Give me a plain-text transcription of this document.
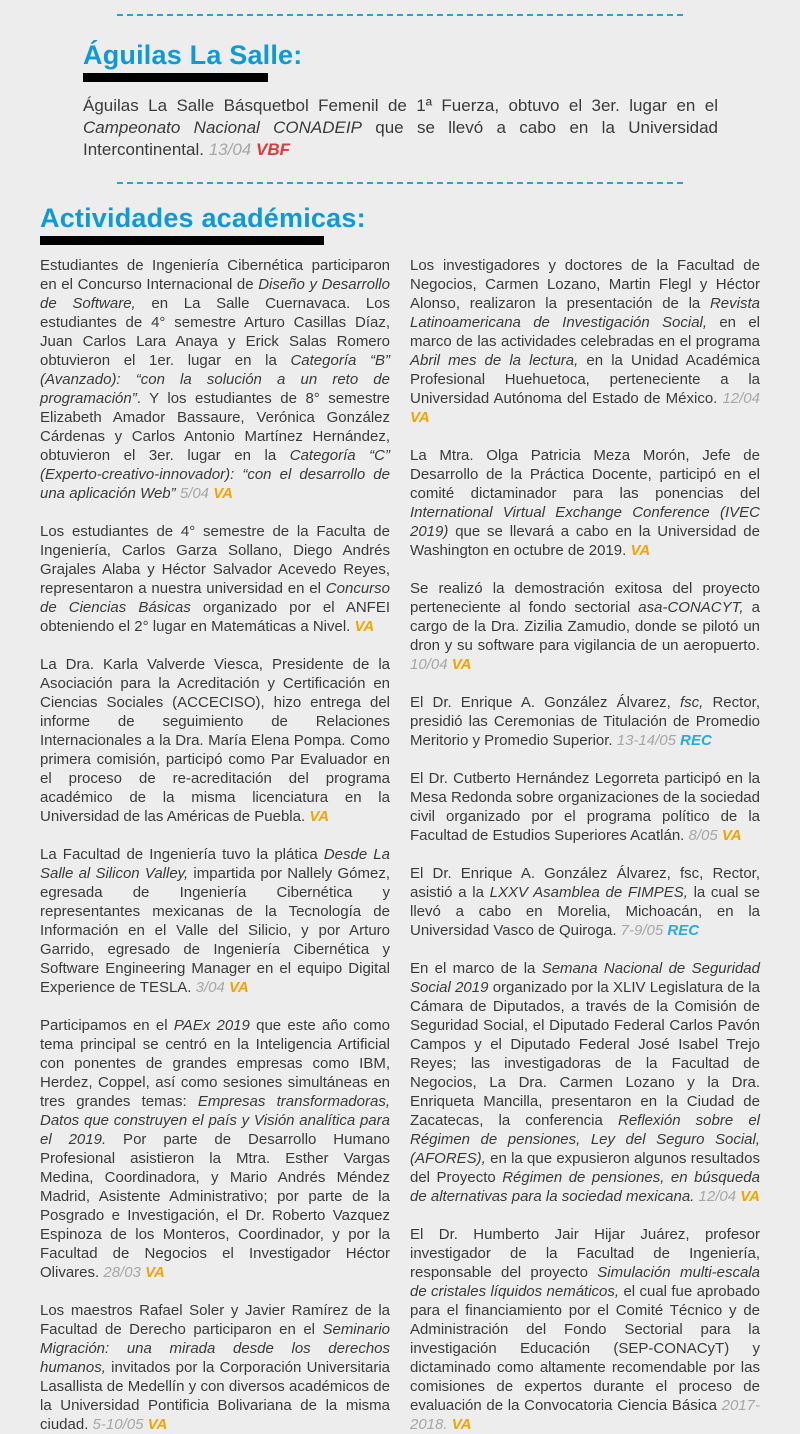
Águilas La Salle:

Águilas La Salle Básquetbol Femenil de 1ª Fuerza, obtuvo el 3er. lugar en el Campeonato Nacional CONADEIP que se llevó a cabo en la Universidad Intercontinental. 13/04 VBF

Actividades académicas:

Estudiantes de Ingeniería Cibernética participaron en el Concurso Internacional de Diseño y Desarrollo de Software, en La Salle Cuernavaca. Los estudiantes de 4° semestre Arturo Casillas Díaz, Juan Carlos Lara Anaya y Erick Salas Romero obtuvieron el 1er. lugar en la Categoría “B” (Avanzado): “con la solución a un reto de programación”. Y los estudiantes de 8° semestre Elizabeth Amador Bassaure, Verónica González Cárdenas y Carlos Antonio Martínez Hernández, obtuvieron el 3er. lugar en la Categoría “C” (Experto-creativo-innovador): “con el desarrollo de una aplicación Web” 5/04 VA

Los estudiantes de 4° semestre de la Faculta de Ingeniería, Carlos Garza Sollano, Diego Andrés Grajales Alaba y Héctor Salvador Acevedo Reyes, representaron a nuestra universidad en el Concurso de Ciencias Básicas organizado por el ANFEI obteniendo el 2° lugar en Matemáticas a Nivel. VA

La Dra. Karla Valverde Viesca, Presidente de la Asociación para la Acreditación y Certificación en Ciencias Sociales (ACCECISO), hizo entrega del informe de seguimiento de Relaciones Internacionales a la Dra. María Elena Pompa. Como primera comisión, participó como Par Evaluador en el proceso de re-acreditación del programa académico de la misma licenciatura en la Universidad de las Américas de Puebla. VA

La Facultad de Ingeniería tuvo la plática Desde La Salle al Silicon Valley, impartida por Nallely Gómez, egresada de Ingeniería Cibernética y representantes mexicanas de la Tecnología de Información en el Valle del Silicio, y por Arturo Garrido, egresado de Ingeniería Cibernética y Software Engineering Manager en el equipo Digital Experience de TESLA. 3/04 VA

Participamos en el PAEx 2019 que este año como tema principal se centró en la Inteligencia Artificial con ponentes de grandes empresas como IBM, Herdez, Coppel, así como sesiones simultáneas en tres grandes temas: Empresas transformadoras, Datos que construyen el país y Visión analítica para el 2019. Por parte de Desarrollo Humano Profesional asistieron la Mtra. Esther Vargas Medina, Coordinadora, y Mario Andrés Méndez Madrid, Asistente Administrativo; por parte de la Posgrado e Investigación, el Dr. Roberto Vazquez Espinoza de los Monteros, Coordinador, y por la Facultad de Negocios el Investigador Héctor Olivares. 28/03 VA

Los maestros Rafael Soler y Javier Ramírez de la Facultad de Derecho participaron en el Seminario Migración: una mirada desde los derechos humanos, invitados por la Corporación Universitaria Lasallista de Medellín y con diversos académicos de la Universidad Pontificia Bolivariana de la misma ciudad. 5-10/05 VA

Los investigadores y doctores de la Facultad de Negocios, Carmen Lozano, Martin Flegl y Héctor Alonso, realizaron la presentación de la Revista Latinoamericana de Investigación Social, en el marco de las actividades celebradas en el programa Abril mes de la lectura, en la Unidad Académica Profesional Huehuetoca, perteneciente a la Universidad Autónoma del Estado de México. 12/04 VA

La Mtra. Olga Patricia Meza Morón, Jefe de Desarrollo de la Práctica Docente, participó en el comité dictaminador para las ponencias del International Virtual Exchange Conference (IVEC 2019) que se llevará a cabo en la Universidad de Washington en octubre de 2019. VA

Se realizó la demostración exitosa del proyecto perteneciente al fondo sectorial asa-CONACYT, a cargo de la Dra. Zizilia Zamudio, donde se pilotó un dron y su software para vigilancia de un aeropuerto. 10/04 VA

El Dr. Enrique A. González Álvarez, fsc, Rector, presidió las Ceremonias de Titulación de Promedio Meritorio y Promedio Superior. 13-14/05 REC

El Dr. Cutberto Hernández Legorreta participó en la Mesa Redonda sobre organizaciones de la sociedad civil organizado por el programa político de la Facultad de Estudios Superiores Acatlán. 8/05 VA

El Dr. Enrique A. González Álvarez, fsc, Rector, asistió a la LXXV Asamblea de FIMPES, la cual se llevó a cabo en Morelia, Michoacán, en la Universidad Vasco de Quiroga. 7-9/05 REC

En el marco de la Semana Nacional de Seguridad Social 2019 organizado por la XLIV Legislatura de la Cámara de Diputados, a través de la Comisión de Seguridad Social, el Diputado Federal Carlos Pavón Campos y el Diputado Federal José Isabel Trejo Reyes; las investigadoras de la Facultad de Negocios, La Dra. Carmen Lozano y la Dra. Enriqueta Mancilla, presentaron en la Ciudad de Zacatecas, la conferencia Reflexión sobre el Régimen de pensiones, Ley del Seguro Social, (AFORES), en la que expusieron algunos resultados del Proyecto Régimen de pensiones, en búsqueda de alternativas para la sociedad mexicana. 12/04 VA

El Dr. Humberto Jair Hijar Juárez, profesor investigador de la Facultad de Ingeniería, responsable del proyecto Simulación multi-escala de cristales líquidos nemáticos, el cual fue aprobado para el financiamiento por el Comité Técnico y de Administración del Fondo Sectorial para la investigación Educación (SEP-CONACyT) y dictaminado como altamente recomendable por las comisiones de expertos durante el proceso de evaluación de la Convocatoria Ciencia Básica 2017-2018. VA
